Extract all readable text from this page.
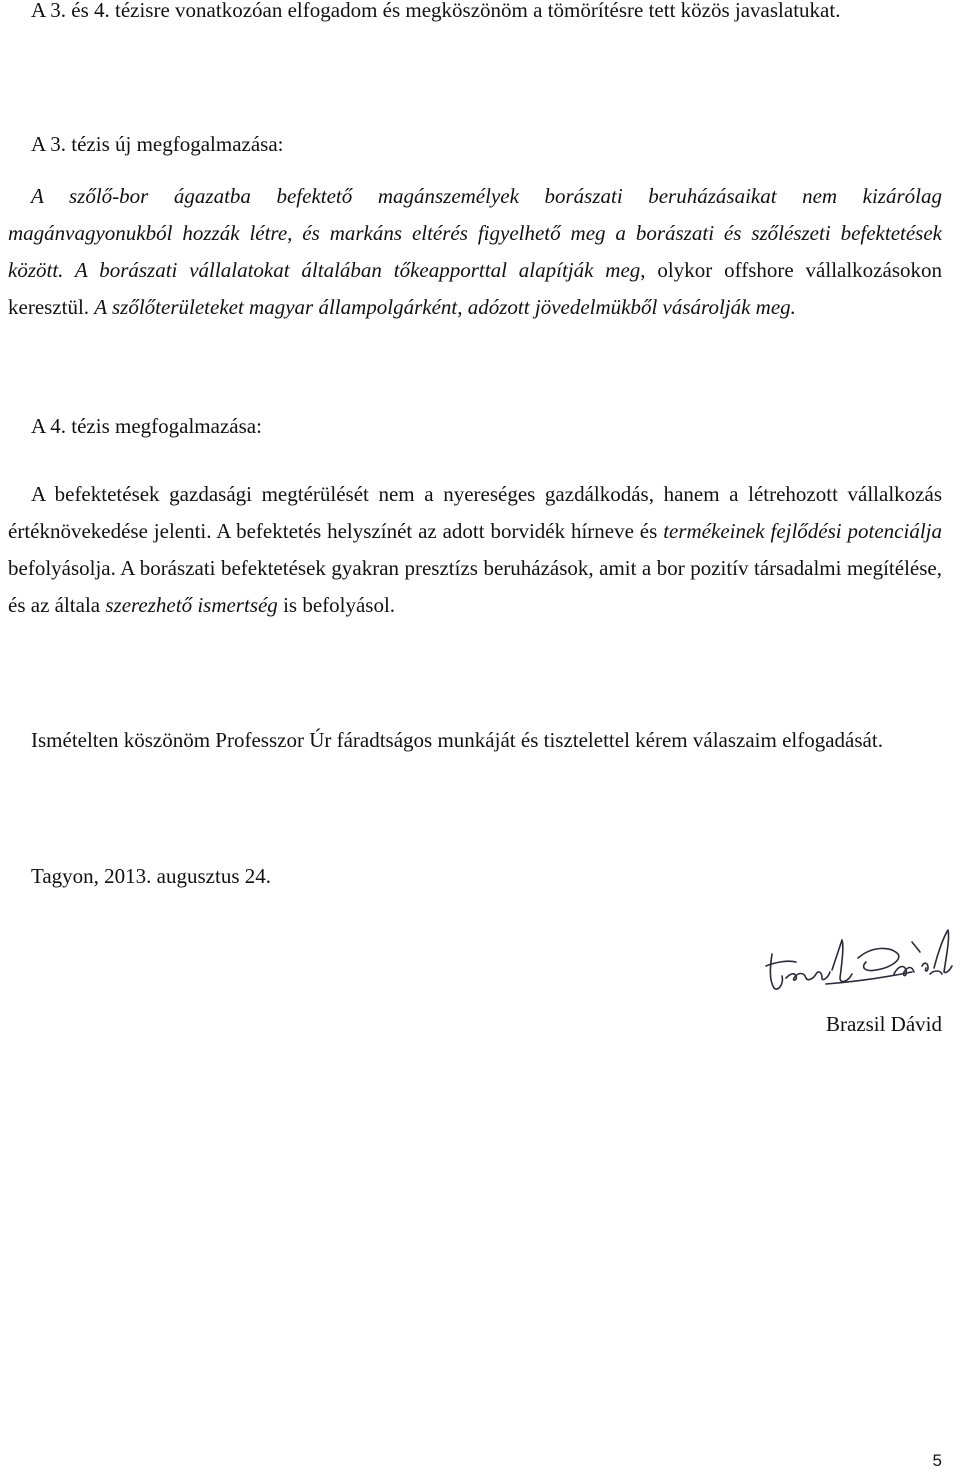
A 3. és 4. tézisre vonatkozóan elfogadom és megköszönöm a tömörítésre tett közös javaslatukat.

A 3. tézis új megfogalmazása:

A szőlő-bor ágazatba befektető magánszemélyek borászati beruházásaikat nem kizárólag magánvagyonukból hozzák létre, és markáns eltérés figyelhető meg a borászati és szőlészeti befektetések között. A borászati vállalatokat általában tőkeapporttal alapítják meg, olykor offshore vállalkozásokon keresztül. A szőlőterületeket magyar állampolgárként, adózott jövedelmükből vásárolják meg.

A 4. tézis megfogalmazása:

A befektetések gazdasági megtérülését nem a nyereséges gazdálkodás, hanem a létrehozott vállalkozás értéknövekedése jelenti. A befektetés helyszínét az adott borvidék hírneve és termékeinek fejlődési potenciálja befolyásolja. A borászati befektetések gyakran presztízs beruházások, amit a bor pozitív társadalmi megítélése, és az általa szerezhető ismertség is befolyásol.

Ismételten köszönöm Professzor Úr fáradtságos munkáját és tisztelettel kérem válaszaim elfogadását.

Tagyon, 2013. augusztus 24.

Brazsil Dávid

5
